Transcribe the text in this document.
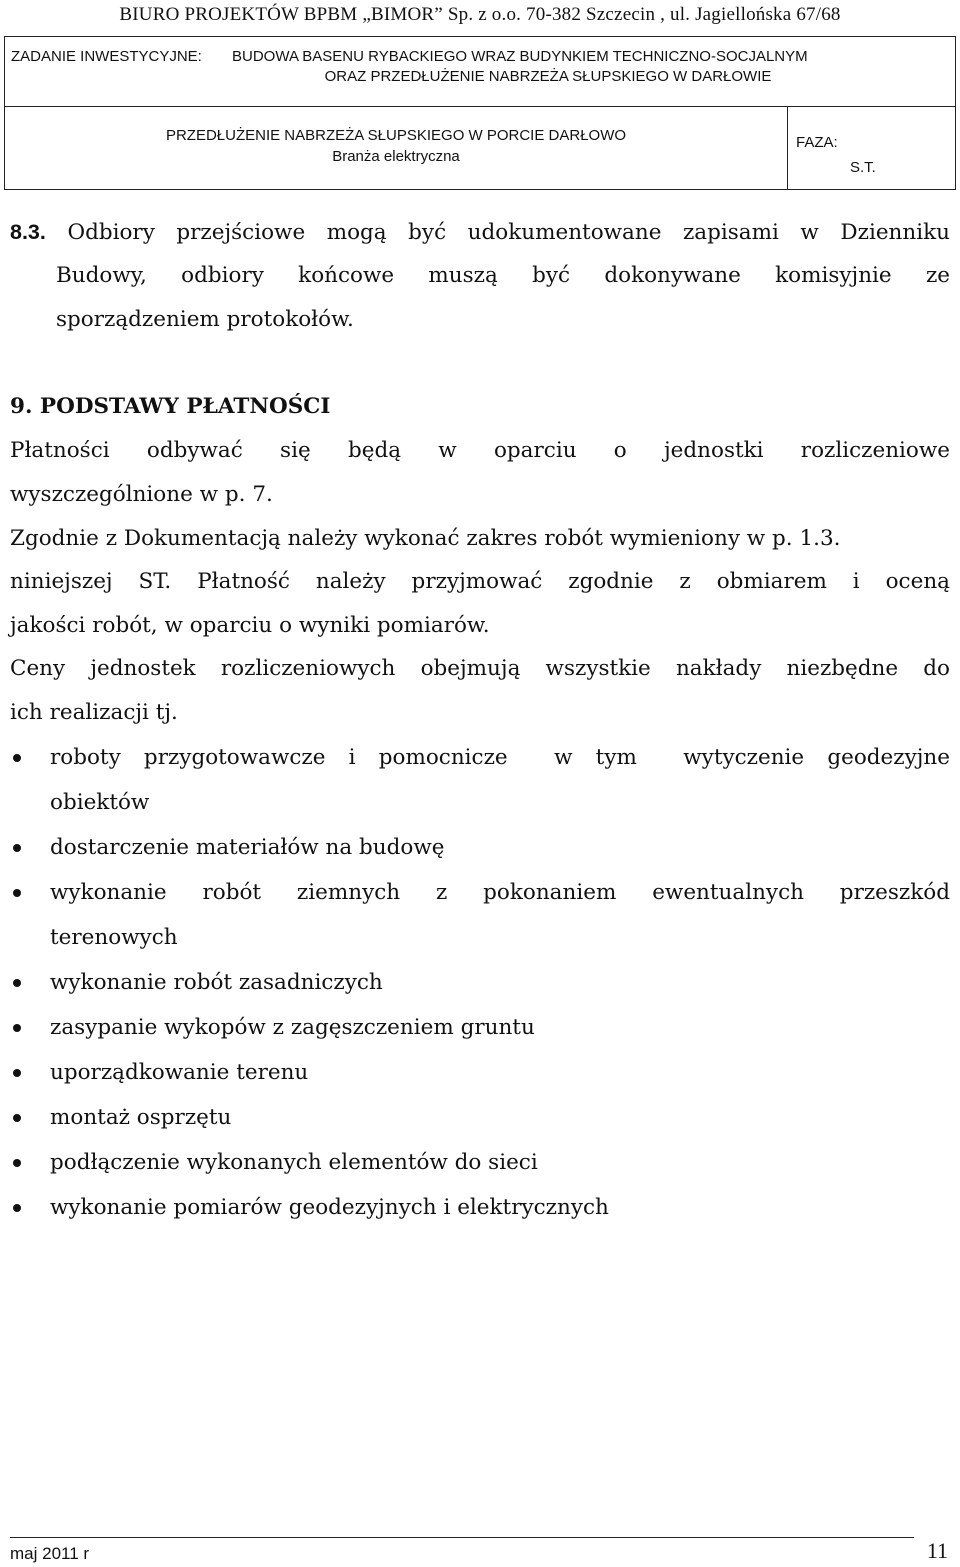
BIURO PROJEKTÓW BPBM „BIMOR” Sp. z o.o. 70-382 Szczecin , ul. Jagiellońska 67/68
ZADANIE INWESTYCYJNE: BUDOWA BASENU RYBACKIEGO WRAZ BUDYNKIEM TECHNICZNO-SOCJALNYM
ORAZ PRZEDŁUŻENIE NABRZEŻA SŁUPSKIEGO W DARŁOWIE
PRZEDŁUŻENIE NABRZEŻA SŁUPSKIEGO W PORCIE DARŁOWO
Branża elektryczna
FAZA:
S.T.
8.3. Odbiory przejściowe mogą być udokumentowane zapisami w Dzienniku
Budowy, odbiory końcowe muszą być dokonywane komisyjnie ze
sporządzeniem protokołów.
9. PODSTAWY PŁATNOŚCI
Płatności odbywać się będą w oparciu o jednostki rozliczeniowe
wyszczególnione w p. 7.
Zgodnie z Dokumentacją należy wykonać zakres robót wymieniony w p. 1.3.
niniejszej ST. Płatność należy przyjmować zgodnie z obmiarem i oceną
jakości robót, w oparciu o wyniki pomiarów.
Ceny jednostek rozliczeniowych obejmują wszystkie nakłady niezbędne do
ich realizacji tj.
roboty przygotowawcze i pomocnicze  w tym  wytyczenie geodezyjne
obiektów
dostarczenie materiałów na budowę
wykonanie robót ziemnych z pokonaniem ewentualnych przeszkód
terenowych
wykonanie robót zasadniczych
zasypanie wykopów z zagęszczeniem gruntu
uporządkowanie terenu
montaż osprzętu
podłączenie wykonanych elementów do sieci
wykonanie pomiarów geodezyjnych i elektrycznych
maj 2011 r	11
